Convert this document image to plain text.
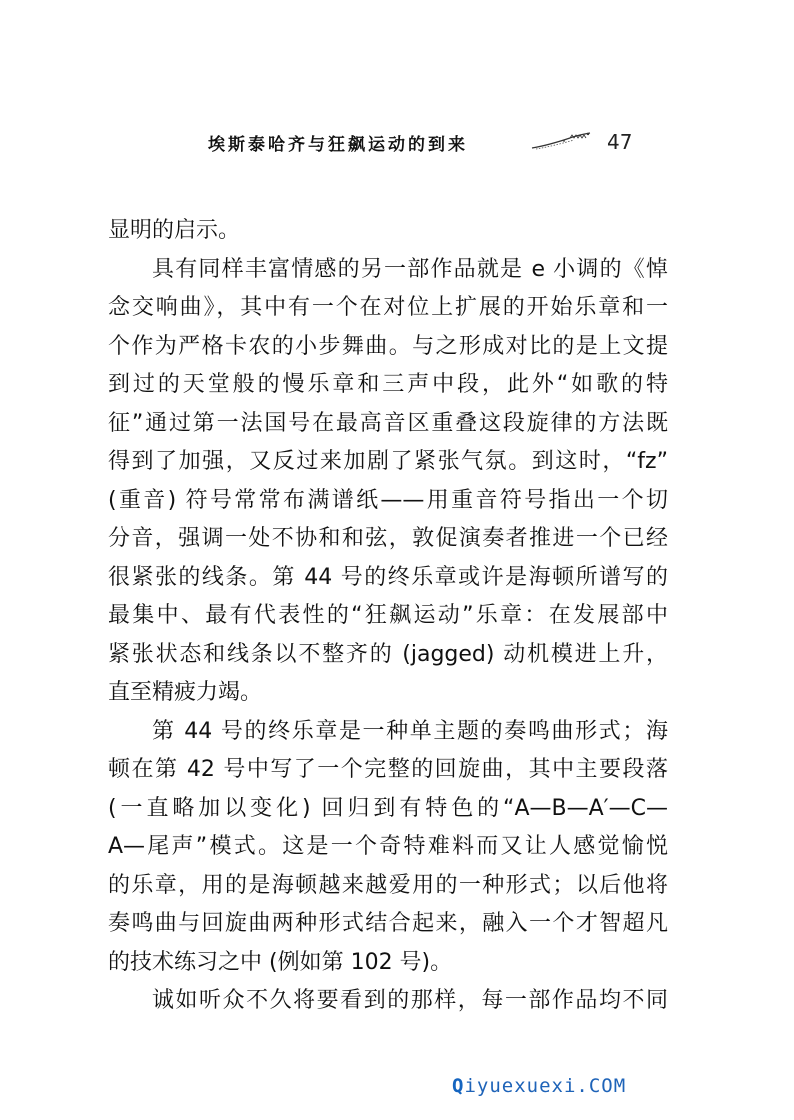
埃斯泰哈齐与狂飙运动的到来	47
显明的启示。
具有同样丰富情感的另一部作品就是 e 小调的《悼
念交响曲》，其中有一个在对位上扩展的开始乐章和一
个作为严格卡农的小步舞曲。与之形成对比的是上文提
到过的天堂般的慢乐章和三声中段，此外“如歌的特
征”通过第一法国号在最高音区重叠这段旋律的方法既
得到了加强，又反过来加剧了紧张气氛。到这时，“fz”
(重音) 符号常常布满谱纸——用重音符号指出一个切
分音，强调一处不协和和弦，敦促演奏者推进一个已经
很紧张的线条。第 44 号的终乐章或许是海顿所谱写的
最集中、最有代表性的“狂飙运动”乐章：在发展部中
紧张状态和线条以不整齐的 (jagged) 动机模进上升，
直至精疲力竭。
第 44 号的终乐章是一种单主题的奏鸣曲形式；海
顿在第 42 号中写了一个完整的回旋曲，其中主要段落
(一直略加以变化) 回归到有特色的“A—B—A′—C—
A—尾声”模式。这是一个奇特难料而又让人感觉愉悦
的乐章，用的是海顿越来越爱用的一种形式；以后他将
奏鸣曲与回旋曲两种形式结合起来，融入一个才智超凡
的技术练习之中 (例如第 102 号)。
诚如听众不久将要看到的那样，每一部作品均不同
Qiyuexuexi.COM
